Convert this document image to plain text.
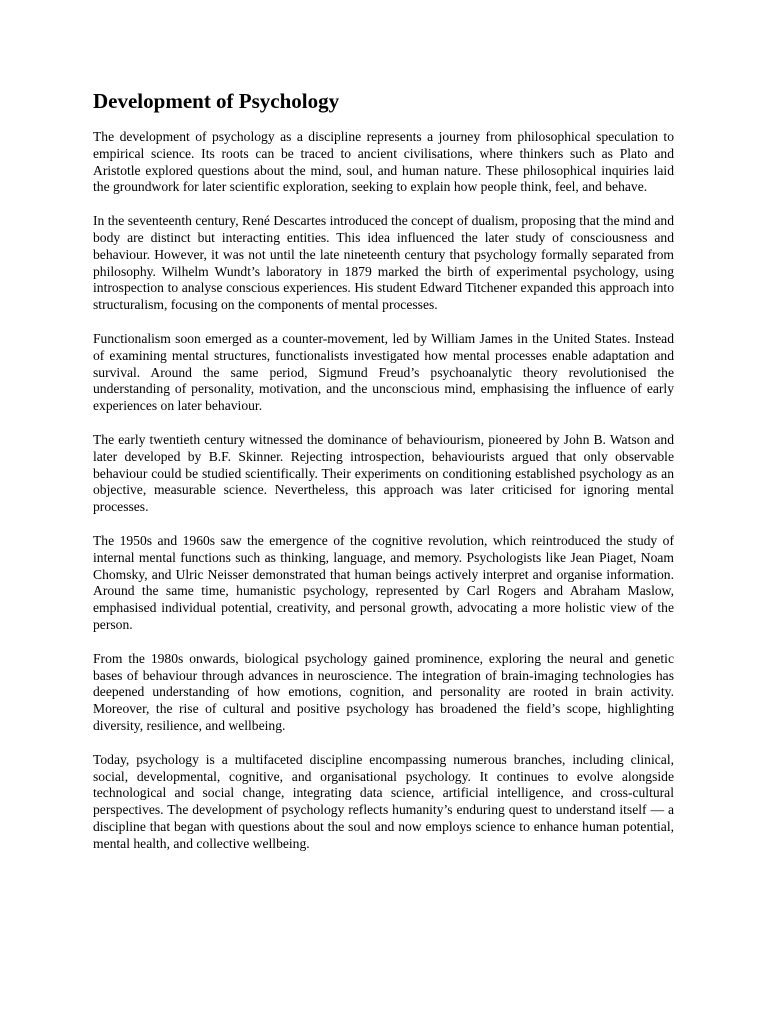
Development of Psychology

The development of psychology as a discipline represents a journey from philosophical speculation to empirical science. Its roots can be traced to ancient civilisations, where thinkers such as Plato and Aristotle explored questions about the mind, soul, and human nature. These philosophical inquiries laid the groundwork for later scientific exploration, seeking to explain how people think, feel, and behave.

In the seventeenth century, René Descartes introduced the concept of dualism, proposing that the mind and body are distinct but interacting entities. This idea influenced the later study of consciousness and behaviour. However, it was not until the late nineteenth century that psychology formally separated from philosophy. Wilhelm Wundt’s laboratory in 1879 marked the birth of experimental psychology, using introspection to analyse conscious experiences. His student Edward Titchener expanded this approach into structuralism, focusing on the components of mental processes.

Functionalism soon emerged as a counter-movement, led by William James in the United States. Instead of examining mental structures, functionalists investigated how mental processes enable adaptation and survival. Around the same period, Sigmund Freud’s psychoanalytic theory revolutionised the understanding of personality, motivation, and the unconscious mind, emphasising the influence of early experiences on later behaviour.

The early twentieth century witnessed the dominance of behaviourism, pioneered by John B. Watson and later developed by B.F. Skinner. Rejecting introspection, behaviourists argued that only observable behaviour could be studied scientifically. Their experiments on conditioning established psychology as an objective, measurable science. Nevertheless, this approach was later criticised for ignoring mental processes.

The 1950s and 1960s saw the emergence of the cognitive revolution, which reintroduced the study of internal mental functions such as thinking, language, and memory. Psychologists like Jean Piaget, Noam Chomsky, and Ulric Neisser demonstrated that human beings actively interpret and organise information. Around the same time, humanistic psychology, represented by Carl Rogers and Abraham Maslow, emphasised individual potential, creativity, and personal growth, advocating a more holistic view of the person.

From the 1980s onwards, biological psychology gained prominence, exploring the neural and genetic bases of behaviour through advances in neuroscience. The integration of brain-imaging technologies has deepened understanding of how emotions, cognition, and personality are rooted in brain activity. Moreover, the rise of cultural and positive psychology has broadened the field’s scope, highlighting diversity, resilience, and wellbeing.

Today, psychology is a multifaceted discipline encompassing numerous branches, including clinical, social, developmental, cognitive, and organisational psychology. It continues to evolve alongside technological and social change, integrating data science, artificial intelligence, and cross-cultural perspectives. The development of psychology reflects humanity’s enduring quest to understand itself — a discipline that began with questions about the soul and now employs science to enhance human potential, mental health, and collective wellbeing.
